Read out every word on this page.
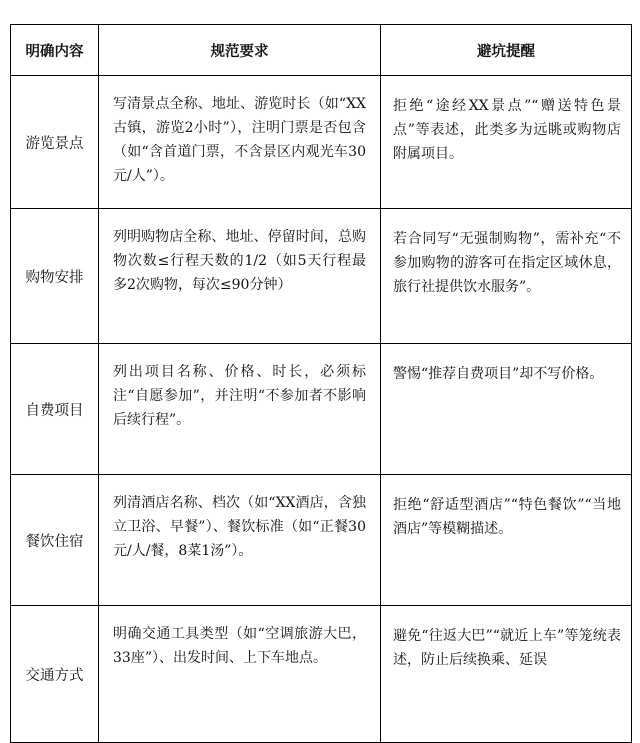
明确内容	规范要求	避坑提醒
游览景点	写清景点全称、地址、游览时长（如“XX古镇，游览2小时”），注明门票是否包含（如“含首道门票，不含景区内观光车30元/人”）。	拒绝“途经XX景点”“赠送特色景点”等表述，此类多为远眺或购物店附属项目。
购物安排	列明购物店全称、地址、停留时间，总购物次数≤行程天数的1/2（如5天行程最多2次购物，每次≤90分钟）	若合同写“无强制购物”，需补充“不参加购物的游客可在指定区域休息，旅行社提供饮水服务”。
自费项目	列出项目名称、价格、时长，必须标注“自愿参加”，并注明“不参加者不影响后续行程”。	警惕“推荐自费项目”却不写价格。
餐饮住宿	列清酒店名称、档次（如“XX酒店，含独立卫浴、早餐”）、餐饮标准（如“正餐30元/人/餐，8菜1汤”）。	拒绝“舒适型酒店”“特色餐饮”“当地酒店”等模糊描述。
交通方式	明确交通工具类型（如“空调旅游大巴，33座”）、出发时间、上下车地点。	避免“往返大巴”“就近上车”等笼统表述，防止后续换乘、延误
